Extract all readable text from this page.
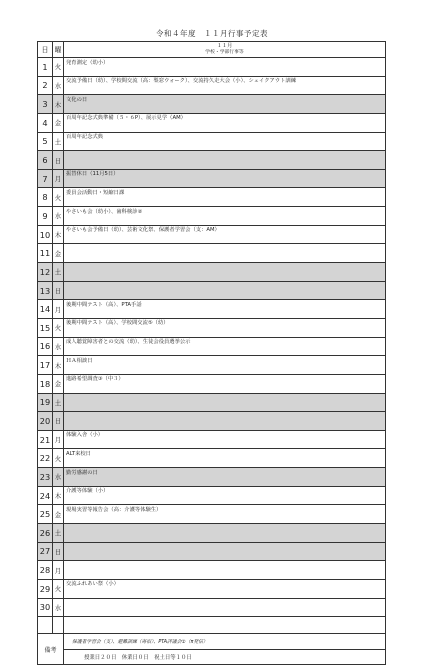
令和４年度　１１月行事予定表
日	曜	１１月
学校・学部行事等

1	火	発育測定（幼小）
2	水	交流予備日（幼）、学校間交流（高：梨窓ウォーク）、交流持久走大会（小）、シェイクアウト訓練
3	木	文化の日
4	金	百周年記念式典準備（５・６P）、展示見学（AM）
5	土	百周年記念式典
6	日	
7	月	振替休日（11月5日）
8	火	委員会活動日・短縮日課
9	水	やさいも会（幼小）、歯科検診②
10	木	やさいも会予備日（幼）、芸術文化祭、保護者学習会（支：AM）
11	金	
12	土	
13	日	
14	月	後期中間テスト（高）、PTA手話
15	火	後期中間テスト（高）、学校間交流⑤（幼）
16	水	成人聴覚障害者との交流（幼）、生徒会役員選挙公示
17	木	ＨＡ相談日
18	金	進路希望調査③（中３）
19	土	
20	日	
21	月	体験入舎（小）
22	火	ALT来校日
23	水	勤労感謝の日
24	木	介護等体験（小）
25	金	現場実習等報告会（高：介護等体験生）
26	土	
27	日	
28	月	
29	火	交流ふれあい祭（小）
30	水	

備考		保護者学習会（支）、避難訓練（寄宿）、PTA評議会②（π発信）
		授業日２０日　休業日０日　祝土日等１０日
